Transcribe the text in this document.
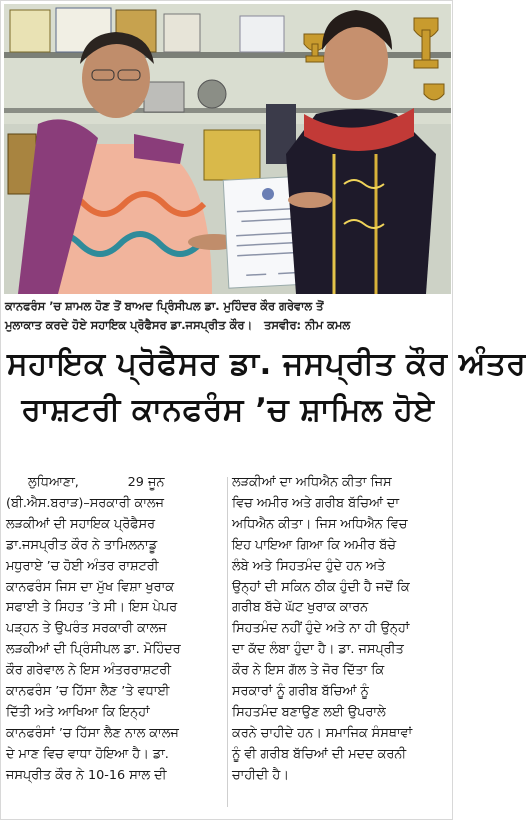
ਕਾਨਫਰੰਸ ’ਚ ਸ਼ਾਮਲ ਹੋਣ ਤੋਂ ਬਾਅਦ ਪ੍ਰਿੰਸੀਪਲ ਡਾ. ਮੁਹਿੰਦਰ ਕੌਰ ਗਰੇਵਾਲ ਤੋਂ
ਮੁਲਾਕਾਤ ਕਰਦੇ ਹੋਏ ਸਹਾਇਕ ਪ੍ਰੋਫੈਸਰ ਡਾ.ਜਸਪ੍ਰੀਤ ਕੌਰ। ਤਸਵੀਰ: ਨੀਮ ਕਮਲ
ਸਹਾਇਕ ਪ੍ਰੋਫੈਸਰ ਡਾ. ਜਸਪ੍ਰੀਤ ਕੌਰ ਅੰਤਰ
ਰਾਸ਼ਟਰੀ ਕਾਨਫਰੰਸ ’ਚ ਸ਼ਾਮਿਲ ਹੋਏ
ਲੁਧਿਆਣਾ,	29 ਜੂਨ
(ਬੀ.ਐਸ.ਬਰਾੜ)–ਸਰਕਾਰੀ ਕਾਲਜ
ਲੜਕੀਆਂ ਦੀ ਸਹਾਇਕ ਪ੍ਰੋਫੈਸਰ
ਡਾ.ਜਸਪ੍ਰੀਤ ਕੌਰ ਨੇ ਤਾਮਿਲਨਾਡੂ
ਮਧੁਰਾਏ ’ਚ ਹੋਈ ਅੰਤਰ ਰਾਸ਼ਟਰੀ
ਕਾਨਫਰੰਸ ਜਿਸ ਦਾ ਮੁੱਖ ਵਿਸ਼ਾ ਖੁਰਾਕ
ਸਫਾਈ ਤੇ ਸਿਹਤ ’ਤੇ ਸੀ। ਇਸ ਪੇਪਰ
ਪੜ੍ਹਨ ਤੇ ਉਪਰੰਤ ਸਰਕਾਰੀ ਕਾਲਜ
ਲੜਕੀਆਂ ਦੀ ਪ੍ਰਿੰਸੀਪਲ ਡਾ. ਮੋਹਿੰਦਰ
ਕੌਰ ਗਰੇਵਾਲ ਨੇ ਇਸ ਅੰਤਰਰਾਸ਼ਟਰੀ
ਕਾਨਫਰੰਸ ’ਚ ਹਿੱਸਾ ਲੈਣ ’ਤੇ ਵਧਾਈ
ਦਿੱਤੀ ਅਤੇ ਆਖਿਆ ਕਿ ਇਨ੍ਹਾਂ
ਕਾਨਫਰੰਸਾਂ ’ਚ ਹਿੱਸਾ ਲੈਣ ਨਾਲ ਕਾਲਜ
ਦੇ ਮਾਣ ਵਿਚ ਵਾਧਾ ਹੋਇਆ ਹੈ। ਡਾ.
ਜਸਪ੍ਰੀਤ ਕੌਰ ਨੇ 10-16 ਸਾਲ ਦੀ
ਲੜਕੀਆਂ ਦਾ ਅਧਿਐਨ ਕੀਤਾ ਜਿਸ
ਵਿਚ ਅਮੀਰ ਅਤੇ ਗਰੀਬ ਬੱਚਿਆਂ ਦਾ
ਅਧਿਐਨ ਕੀਤਾ। ਜਿਸ ਅਧਿਐਨ ਵਿਚ
ਇਹ ਪਾਇਆ ਗਿਆ ਕਿ ਅਮੀਰ ਬੱਚੇ
ਲੰਬੇ ਅਤੇ ਸਿਹਤਮੰਦ ਹੁੰਦੇ ਹਨ ਅਤੇ
ਉਨ੍ਹਾਂ ਦੀ ਸਕਿਨ ਠੀਕ ਹੁੰਦੀ ਹੈ ਜਦੋਂ ਕਿ
ਗਰੀਬ ਬੱਚੇ ਘੱਟ ਖੁਰਾਕ ਕਾਰਨ
ਸਿਹਤਮੰਦ ਨਹੀਂ ਹੁੰਦੇ ਅਤੇ ਨਾ ਹੀ ਉਨ੍ਹਾਂ
ਦਾ ਕੱਦ ਲੰਬਾ ਹੁੰਦਾ ਹੈ। ਡਾ. ਜਸਪ੍ਰੀਤ
ਕੌਰ ਨੇ ਇਸ ਗੱਲ ਤੇ ਜੋਰ ਦਿੱਤਾ ਕਿ
ਸਰਕਾਰਾਂ ਨੂੰ ਗਰੀਬ ਬੱਚਿਆਂ ਨੂੰ
ਸਿਹਤਮੰਦ ਬਣਾਉਣ ਲਈ ਉਪਰਾਲੇ
ਕਰਨੇ ਚਾਹੀਦੇ ਹਨ। ਸਮਾਜਿਕ ਸੰਸਥਾਵਾਂ
ਨੂੰ ਵੀ ਗਰੀਬ ਬੱਚਿਆਂ ਦੀ ਮਦਦ ਕਰਨੀ
ਚਾਹੀਦੀ ਹੈ।
